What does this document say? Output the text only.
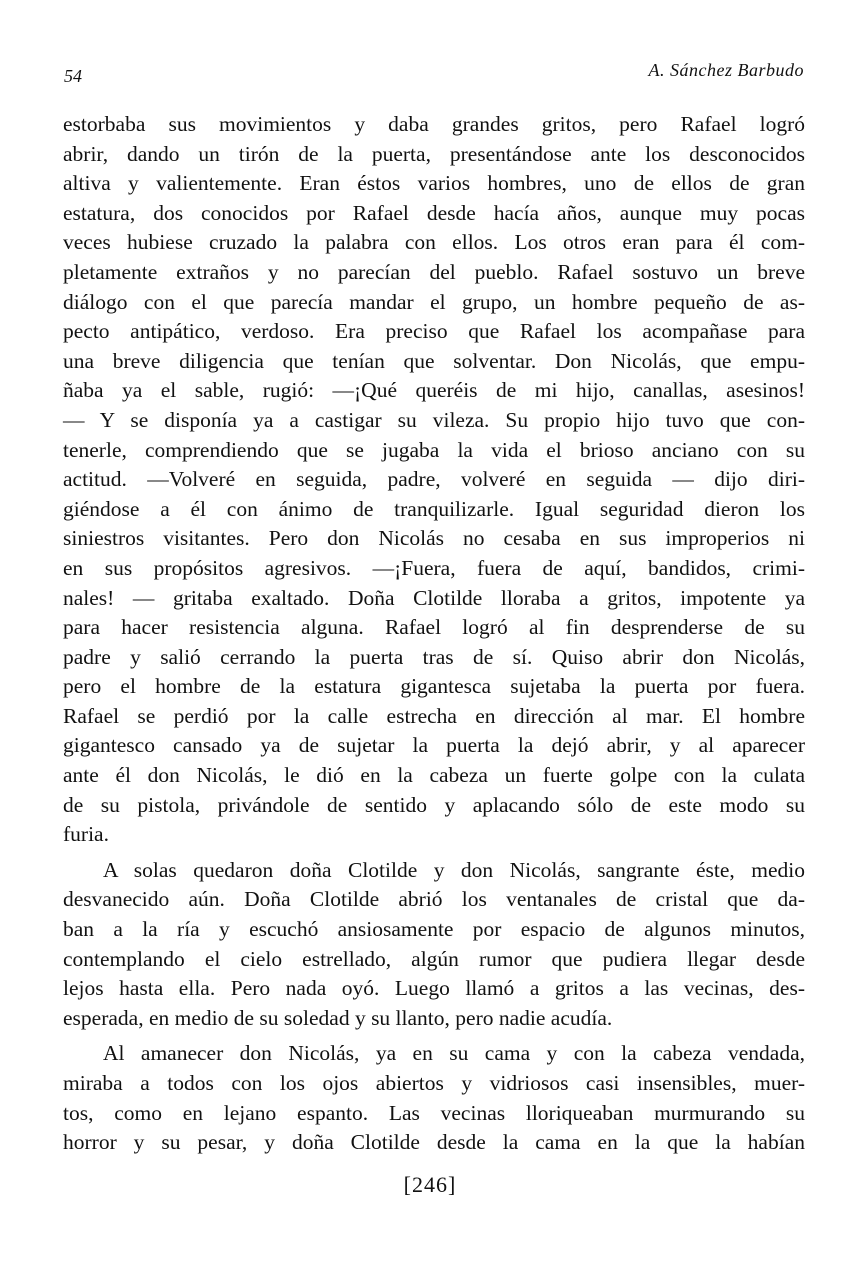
54	A. Sánchez Barbudo
estorbaba sus movimientos y daba grandes gritos, pero Rafael logró
abrir, dando un tirón de la puerta, presentándose ante los desconocidos
altiva y valientemente. Eran éstos varios hombres, uno de ellos de gran
estatura, dos conocidos por Rafael desde hacía años, aunque muy pocas
veces hubiese cruzado la palabra con ellos. Los otros eran para él com-
pletamente extraños y no parecían del pueblo. Rafael sostuvo un breve
diálogo con el que parecía mandar el grupo, un hombre pequeño de as-
pecto antipático, verdoso. Era preciso que Rafael los acompañase para
una breve diligencia que tenían que solventar. Don Nicolás, que empu-
ñaba ya el sable, rugió: —¡Qué queréis de mi hijo, canallas, asesinos!
— Y se disponía ya a castigar su vileza. Su propio hijo tuvo que con-
tenerle, comprendiendo que se jugaba la vida el brioso anciano con su
actitud. —Volveré en seguida, padre, volveré en seguida — dijo diri-
giéndose a él con ánimo de tranquilizarle. Igual seguridad dieron los
siniestros visitantes. Pero don Nicolás no cesaba en sus improperios ni
en sus propósitos agresivos. —¡Fuera, fuera de aquí, bandidos, crimi-
nales! — gritaba exaltado. Doña Clotilde lloraba a gritos, impotente ya
para hacer resistencia alguna. Rafael logró al fin desprenderse de su
padre y salió cerrando la puerta tras de sí. Quiso abrir don Nicolás,
pero el hombre de la estatura gigantesca sujetaba la puerta por fuera.
Rafael se perdió por la calle estrecha en dirección al mar. El hombre
gigantesco cansado ya de sujetar la puerta la dejó abrir, y al aparecer
ante él don Nicolás, le dió en la cabeza un fuerte golpe con la culata
de su pistola, privándole de sentido y aplacando sólo de este modo su
furia.
A solas quedaron doña Clotilde y don Nicolás, sangrante éste, medio
desvanecido aún. Doña Clotilde abrió los ventanales de cristal que da-
ban a la ría y escuchó ansiosamente por espacio de algunos minutos,
contemplando el cielo estrellado, algún rumor que pudiera llegar desde
lejos hasta ella. Pero nada oyó. Luego llamó a gritos a las vecinas, des-
esperada, en medio de su soledad y su llanto, pero nadie acudía.
Al amanecer don Nicolás, ya en su cama y con la cabeza vendada,
miraba a todos con los ojos abiertos y vidriosos casi insensibles, muer-
tos, como en lejano espanto. Las vecinas lloriqueaban murmurando su
horror y su pesar, y doña Clotilde desde la cama en la que la habían
[246]
